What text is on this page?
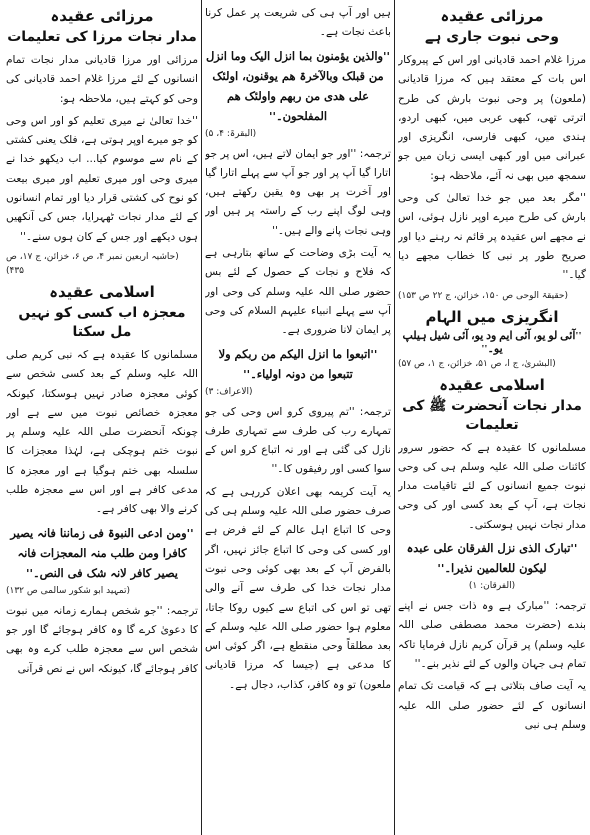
مرزائی عقیدہ
وحی نبوت جاری ہے

مرزا غلام احمد قادیانی اور اس کے پیروکار اس بات کے معتقد ہیں کہ مرزا قادیانی (ملعون) پر وحی نبوت بارش کی طرح اترتی تھی، کبھی عربی میں، کبھی اردو، ہندی میں، کبھی فارسی، انگریزی اور عبرانی میں اور کبھی ایسی زبان میں جو سمجھ میں بھی نہ آئے، ملاحظہ ہو:

''مگر بعد میں جو خدا تعالیٰ کی وحی بارش کی طرح میرے اوپر نازل ہوئی، اس نے مجھے اس عقیدہ پر قائم نہ رہنے دیا اور صریح طور پر نبی کا خطاب مجھے دیا گیا۔''

(حقیقۃ الوحی ص ۱۵۰، خزائن، ج ۲۲ ص ۱۵۳)
انگریزی میں الہام
''آئی لو یو، آئی ایم ود یو، آئی شیل ہیلپ یو۔''
(البشریٰ، ج ا، ص ۵۱، خزائن، ج ۱، ص ۵۷)
اسلامی عقیدہ
مدار نجات آنحضرت ﷺ کی تعلیمات

مسلمانوں کا عقیدہ ہے کہ حضور سرور کائنات صلی اللہ علیہ وسلم ہی کی وحی نبوت جمیع انسانوں کے لئے تاقیامت مدار نجات ہے، آپ کے بعد کسی اور کی وحی مدار نجات نہیں ہوسکتی۔

''تبارک الذی نزل الفرقان علی عبدہ لیکون للعالمین نذیرا۔''
(الفرقان: ۱)

ترجمہ: ''مبارک ہے وہ ذات جس نے اپنے بندے (حضرت محمد مصطفی صلی اللہ علیہ وسلم) پر قرآن کریم نازل فرمایا تاکہ تمام ہی جہان والوں کے لئے نذیر بنے۔''

یہ آیت صاف بتلاتی ہے کہ قیامت تک تمام انسانوں کے لئے حضور صلی اللہ علیہ وسلم ہی نبی

ہیں اور آپ ہی کی شریعت پر عمل کرنا باعث نجات ہے۔

''والذین یؤمنون بما انزل الیک وما انزل من قبلک وبالآخرۃ ھم یوقنون، اولئک علی ھدی من ربھم واولئک ھم المفلحون۔''
(البقرۃ: ۴، ۵)

ترجمہ: ''اور جو ایمان لاتے ہیں، اس پر جو اتارا گیا آپ پر اور جو آپ سے پہلے اتارا گیا اور آخرت پر بھی وہ یقین رکھتے ہیں، وہی لوگ اپنے رب کے راستہ پر ہیں اور وہی نجات پانے والے ہیں۔''

یہ آیت بڑی وضاحت کے ساتھ بتارہی ہے کہ فلاح و نجات کے حصول کے لئے بس حضور صلی اللہ علیہ وسلم کی وحی اور آپ سے پہلے انبیاء علیہم السلام کی وحی پر ایمان لانا ضروری ہے۔

''اتبعوا ما انزل الیکم من ربکم ولا تتبعوا من دونہ اولیاء۔''
(الاعراف: ۳)

ترجمہ: ''تم پیروی کرو اس وحی کی جو تمہارے رب کی طرف سے تمہاری طرف نازل کی گئی ہے اور نہ اتباع کرو اس کے سوا کسی اور رفیقوں کا۔''

یہ آیت کریمہ بھی اعلان کررہی ہے کہ صرف حضور صلی اللہ علیہ وسلم ہی کی وحی کا اتباع اہل عالم کے لئے فرض ہے اور کسی کی وحی کا اتباع جائز نہیں، اگر بالفرض آپ کے بعد بھی کوئی وحی نبوت مدار نجات خدا کی طرف سے آنے والی تھی تو اس کی اتباع سے کیوں روکا جاتا، معلوم ہوا حضور صلی اللہ علیہ وسلم کے بعد مطلقاً وحی منقطع ہے، اگر کوئی اس کا مدعی ہے (جیسا کہ مرزا قادیانی ملعون) تو وہ کافر، کذاب، دجال ہے۔

مرزائی عقیدہ
مدار نجات مرزا کی تعلیمات

مرزائی اور مرزا قادیانی مدار نجات تمام انسانوں کے لئے مرزا غلام احمد قادیانی کی وحی کو کہتے ہیں، ملاحظہ ہو:

''خدا تعالیٰ نے میری تعلیم کو اور اس وحی کو جو میرے اوپر ہوتی ہے، فلک یعنی کشتی کے نام سے موسوم کیا... اب دیکھو خدا نے میری وحی اور میری تعلیم اور میری بیعت کو نوح کی کشتی قرار دیا اور تمام انسانوں کے لئے مدار نجات ٹھہرایا، جس کی آنکھیں ہوں دیکھے اور جس کے کان ہوں سنے۔''

(حاشیہ اربعین نمبر ۴، ص ۶، خزائن، ج ۱۷، ص ۴۳۵)
اسلامی عقیدہ
معجزہ اب کسی کو نہیں مل سکتا

مسلمانوں کا عقیدہ ہے کہ نبی کریم صلی اللہ علیہ وسلم کے بعد کسی شخص سے کوئی معجزہ صادر نہیں ہوسکتا، کیونکہ معجزہ خصائص نبوت میں سے ہے اور چونکہ آنحضرت صلی اللہ علیہ وسلم پر نبوت ختم ہوچکی ہے، لہٰذا معجزات کا سلسلہ بھی ختم ہوگیا ہے اور معجزہ کا مدعی کافر ہے اور اس سے معجزہ طلب کرنے والا بھی کافر ہے۔

''ومن ادعی النبوۃ فی زماننا فانہ یصیر کافرا ومن طلب منہ المعجزات فانہ یصیر کافر لانہ شک فی النص۔''
(تمہید ابو شکور سالمی ص ۱۳۲)

ترجمہ: ''جو شخص ہمارے زمانہ میں نبوت کا دعویٰ کرے گا وہ کافر ہوجائے گا اور جو شخص اس سے معجزہ طلب کرے وہ بھی کافر ہوجائے گا، کیونکہ اس نے نص قرآنی
